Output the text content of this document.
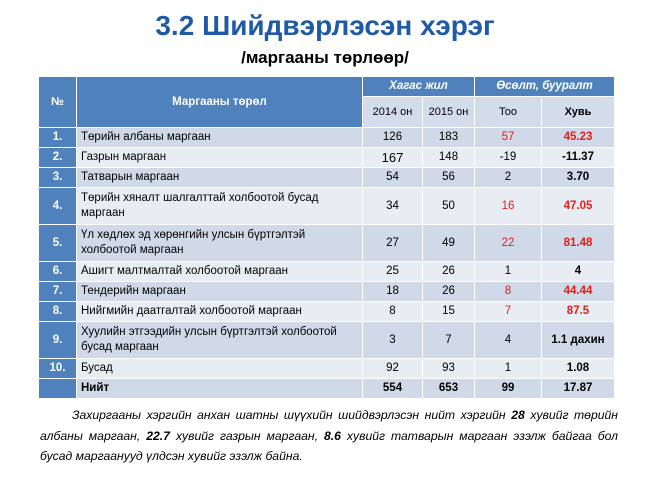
3.2 Шийдвэрлэсэн хэрэг
/маргааны төрлөөр/
№	Маргааны төрөл	Хагас жил		Өсөлт, бууралт	
		2014 он	2015 он	Тоо	Хувь
1.	Төрийн албаны маргаан	126	183	57	45.23
2.	Газрын маргаан	167	148	-19	-11.37
3.	Татварын маргаан	54	56	2	3.70
4.	Төрийн хяналт шалгалттай холбоотой бусад маргаан	34	50	16	47.05
5.	Үл хөдлөх эд хөрөнгийн улсын бүртгэлтэй холбоотой маргаан	27	49	22	81.48
6.	Ашигт малтмалтай холбоотой маргаан	25	26	1	4
7.	Тендерийн маргаан	18	26	8	44.44
8.	Нийгмийн даатгалтай холбоотой маргаан	8	15	7	87.5
9.	Хуулийн этгээдийн улсын бүртгэлтэй холбоотой бусад маргаан	3	7	4	1.1 дахин
10.	Бусад	92	93	1	1.08
	Нийт	554	653	99	17.87
Захиргааны хэргийн анхан шатны шүүхийн шийдвэрлэсэн нийт хэргийн 28 хувийг төрийн албаны маргаан, 22.7 хувийг газрын маргаан, 8.6 хувийг татварын маргаан эзэлж байгаа бол бусад маргаанууд үлдсэн хувийг эзэлж байна.
